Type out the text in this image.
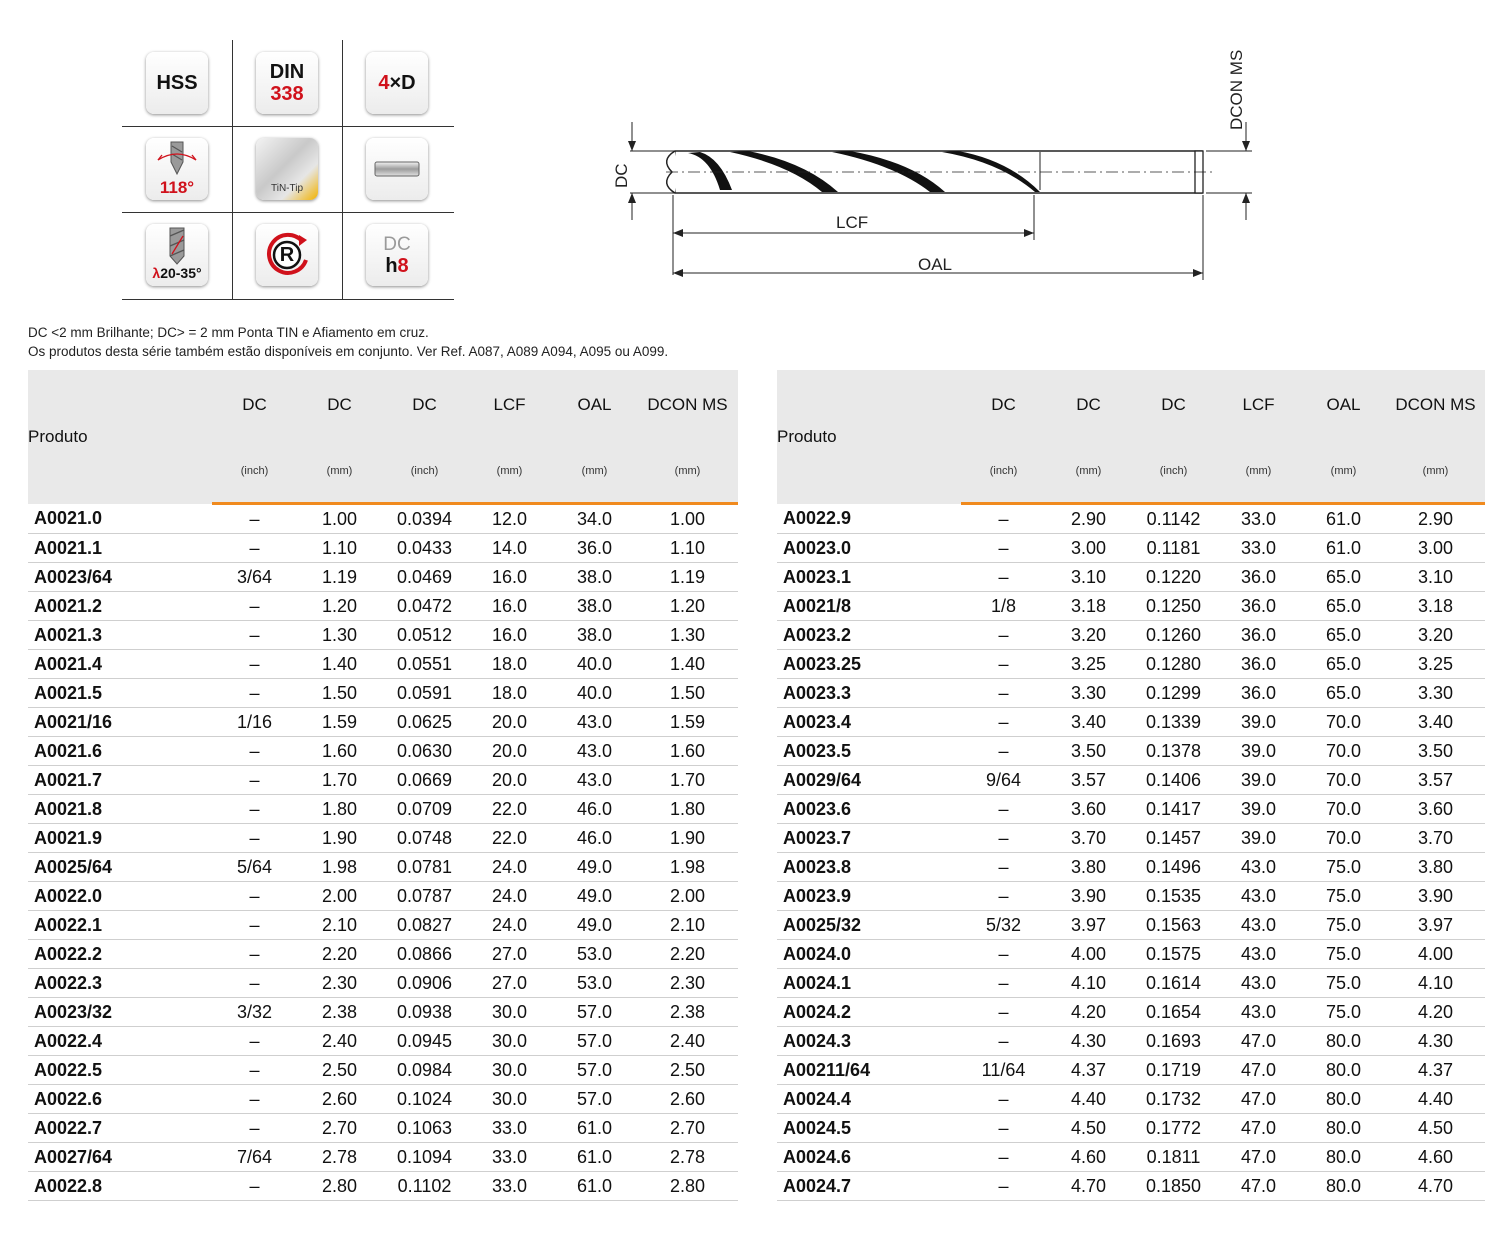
HSS	DIN
338	4×D
118°	TiN-Tip
λ20-35°
R	DC
h8
DC
DCON MS
LCF
OAL
DC <2 mm Brilhante; DC> = 2 mm Ponta TIN e Afiamento em cruz.
Os produtos desta série também estão disponíveis em conjunto. Ver Ref. A087, A089 A094, A095 ou A099.
Produto	DC	DC	DC	LCF	OAL	DCON MS
	(inch)	(mm)	(inch)	(mm)	(mm)	(mm)
A0021.0	–	1.00	0.0394	12.0	34.0	1.00
A0021.1	–	1.10	0.0433	14.0	36.0	1.10
A0023/64	3/64	1.19	0.0469	16.0	38.0	1.19
A0021.2	–	1.20	0.0472	16.0	38.0	1.20
A0021.3	–	1.30	0.0512	16.0	38.0	1.30
A0021.4	–	1.40	0.0551	18.0	40.0	1.40
A0021.5	–	1.50	0.0591	18.0	40.0	1.50
A0021/16	1/16	1.59	0.0625	20.0	43.0	1.59
A0021.6	–	1.60	0.0630	20.0	43.0	1.60
A0021.7	–	1.70	0.0669	20.0	43.0	1.70
A0021.8	–	1.80	0.0709	22.0	46.0	1.80
A0021.9	–	1.90	0.0748	22.0	46.0	1.90
A0025/64	5/64	1.98	0.0781	24.0	49.0	1.98
A0022.0	–	2.00	0.0787	24.0	49.0	2.00
A0022.1	–	2.10	0.0827	24.0	49.0	2.10
A0022.2	–	2.20	0.0866	27.0	53.0	2.20
A0022.3	–	2.30	0.0906	27.0	53.0	2.30
A0023/32	3/32	2.38	0.0938	30.0	57.0	2.38
A0022.4	–	2.40	0.0945	30.0	57.0	2.40
A0022.5	–	2.50	0.0984	30.0	57.0	2.50
A0022.6	–	2.60	0.1024	30.0	57.0	2.60
A0022.7	–	2.70	0.1063	33.0	61.0	2.70
A0027/64	7/64	2.78	0.1094	33.0	61.0	2.78
A0022.8	–	2.80	0.1102	33.0	61.0	2.80
Produto	DC	DC	DC	LCF	OAL	DCON MS
	(inch)	(mm)	(inch)	(mm)	(mm)	(mm)
A0022.9	–	2.90	0.1142	33.0	61.0	2.90
A0023.0	–	3.00	0.1181	33.0	61.0	3.00
A0023.1	–	3.10	0.1220	36.0	65.0	3.10
A0021/8	1/8	3.18	0.1250	36.0	65.0	3.18
A0023.2	–	3.20	0.1260	36.0	65.0	3.20
A0023.25	–	3.25	0.1280	36.0	65.0	3.25
A0023.3	–	3.30	0.1299	36.0	65.0	3.30
A0023.4	–	3.40	0.1339	39.0	70.0	3.40
A0023.5	–	3.50	0.1378	39.0	70.0	3.50
A0029/64	9/64	3.57	0.1406	39.0	70.0	3.57
A0023.6	–	3.60	0.1417	39.0	70.0	3.60
A0023.7	–	3.70	0.1457	39.0	70.0	3.70
A0023.8	–	3.80	0.1496	43.0	75.0	3.80
A0023.9	–	3.90	0.1535	43.0	75.0	3.90
A0025/32	5/32	3.97	0.1563	43.0	75.0	3.97
A0024.0	–	4.00	0.1575	43.0	75.0	4.00
A0024.1	–	4.10	0.1614	43.0	75.0	4.10
A0024.2	–	4.20	0.1654	43.0	75.0	4.20
A0024.3	–	4.30	0.1693	47.0	80.0	4.30
A00211/64	11/64	4.37	0.1719	47.0	80.0	4.37
A0024.4	–	4.40	0.1732	47.0	80.0	4.40
A0024.5	–	4.50	0.1772	47.0	80.0	4.50
A0024.6	–	4.60	0.1811	47.0	80.0	4.60
A0024.7	–	4.70	0.1850	47.0	80.0	4.70
